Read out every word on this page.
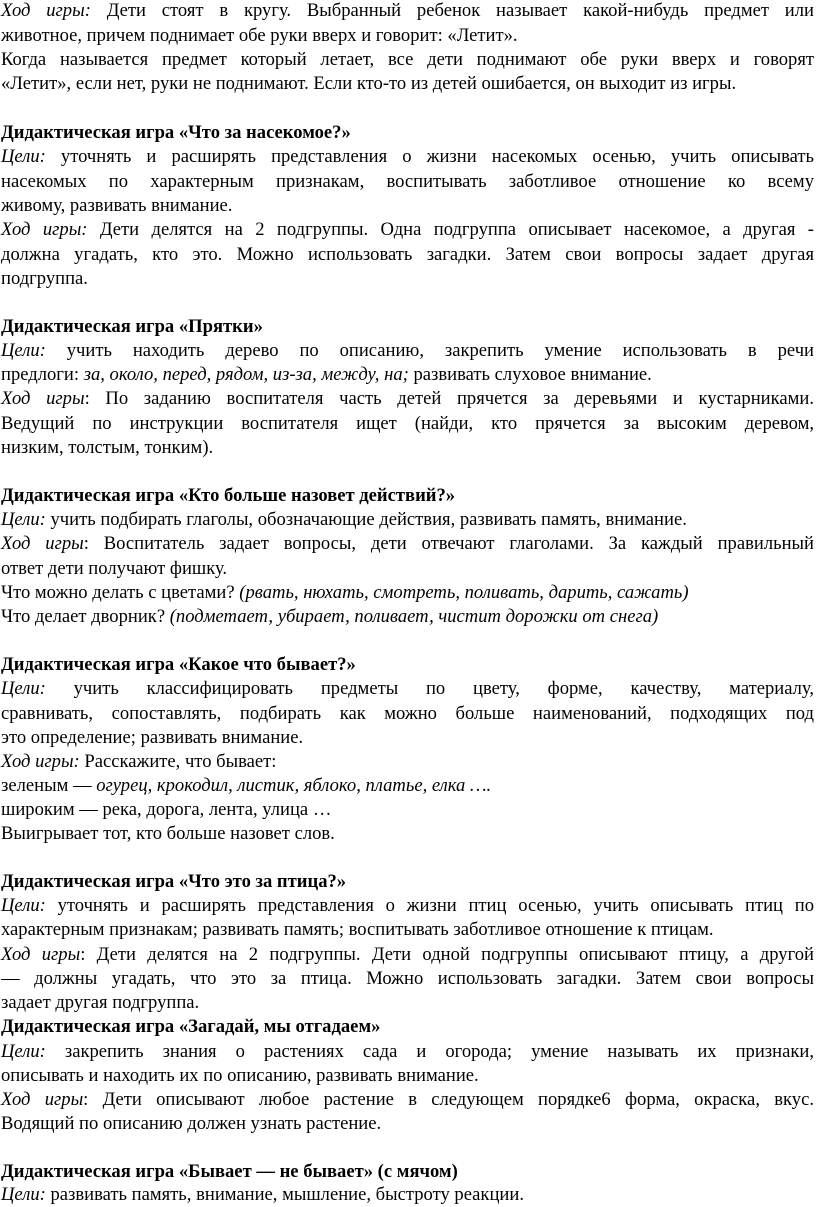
Ход игры: Дети стоят в кругу. Выбранный ребенок называет какой-нибудь предмет или
животное, причем поднимает обе руки вверх и говорит: «Летит».
Когда называется предмет который летает, все дети поднимают обе руки вверх и говорят
«Летит», если нет, руки не поднимают. Если кто-то из детей ошибается, он выходит из игры.
Дидактическая игра «Что за насекомое?»
Цели: уточнять и расширять представления о жизни насекомых осенью, учить описывать
насекомых по характерным признакам, воспитывать заботливое отношение ко всему
живому, развивать внимание.
Ход игры: Дети делятся на 2 подгруппы. Одна подгруппа описывает насекомое, а другая -
должна угадать, кто это. Можно использовать загадки. Затем свои вопросы задает другая
подгруппа.
Дидактическая игра «Прятки»
Цели: учить находить дерево по описанию, закрепить умение использовать в речи
предлоги: за, около, перед, рядом, из-за, между, на; развивать слуховое внимание.
Ход игры: По заданию воспитателя часть детей прячется за деревьями и кустарниками.
Ведущий по инструкции воспитателя ищет (найди, кто прячется за высоким деревом,
низким, толстым, тонким).
Дидактическая игра «Кто больше назовет действий?»
Цели: учить подбирать глаголы, обозначающие действия, развивать память, внимание.
Ход игры: Воспитатель задает вопросы, дети отвечают глаголами. За каждый правильный
ответ дети получают фишку.
Что можно делать с цветами? (рвать, нюхать, смотреть, поливать, дарить, сажать)
Что делает дворник? (подметает, убирает, поливает, чистит дорожки от снега)
Дидактическая игра «Какое что бывает?»
Цели: учить классифицировать предметы по цвету, форме, качеству, материалу,
сравнивать, сопоставлять, подбирать как можно больше наименований, подходящих под
это определение; развивать внимание.
Ход игры: Расскажите, что бывает:
зеленым — огурец, крокодил, листик, яблоко, платье, елка ….
широким — река, дорога, лента, улица …
Выигрывает тот, кто больше назовет слов.
Дидактическая игра «Что это за птица?»
Цели: уточнять и расширять представления о жизни птиц осенью, учить описывать птиц по
характерным признакам; развивать память; воспитывать заботливое отношение к птицам.
Ход игры: Дети делятся на 2 подгруппы. Дети одной подгруппы описывают птицу, а другой
— должны угадать, что это за птица. Можно использовать загадки. Затем свои вопросы
задает другая подгруппа.
Дидактическая игра «Загадай, мы отгадаем»
Цели: закрепить знания о растениях сада и огорода; умение называть их признаки,
описывать и находить их по описанию, развивать внимание.
Ход игры: Дети описывают любое растение в следующем порядке6 форма, окраска, вкус.
Водящий по описанию должен узнать растение.
Дидактическая игра «Бывает — не бывает» (с мячом)
Цели: развивать память, внимание, мышление, быстроту реакции.
